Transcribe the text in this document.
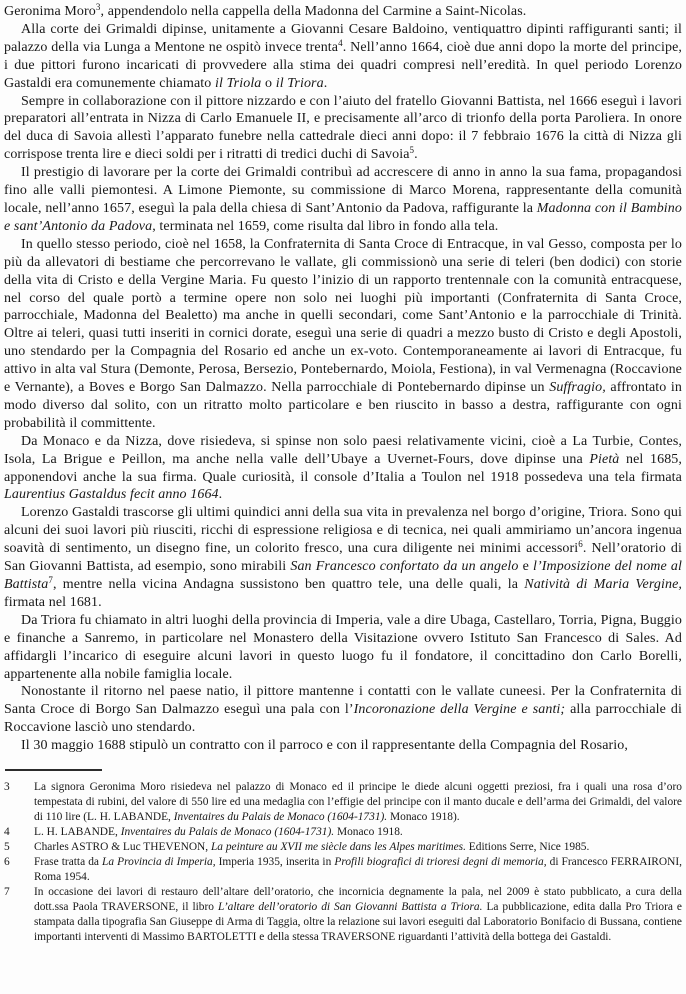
Geronima Moro$^3$, appendendolo nella cappella della Madonna del Carmine a Saint-Nicolas.

Alla corte dei Grimaldi dipinse, unitamente a Giovanni Cesare Baldoino, ventiquattro dipinti raffiguranti santi; il palazzo della via Lunga a Mentone ne ospitò invece trenta$^4$. Nell’anno 1664, cioè due anni dopo la morte del principe, i due pittori furono incaricati di provvedere alla stima dei quadri compresi nell’eredità. In quel periodo Lorenzo Gastaldi era comunemente chiamato il Triola o il Triora.

Sempre in collaborazione con il pittore nizzardo e con l’aiuto del fratello Giovanni Battista, nel 1666 eseguì i lavori preparatori all’entrata in Nizza di Carlo Emanuele II, e precisamente all’arco di trionfo della porta Paroliera. In onore del duca di Savoia allestì l’apparato funebre nella cattedrale dieci anni dopo: il 7 febbraio 1676 la città di Nizza gli corrispose trenta lire e dieci soldi per i ritratti di tredici duchi di Savoia$^5$.

Il prestigio di lavorare per la corte dei Grimaldi contribuì ad accrescere di anno in anno la sua fama, propagandosi fino alle valli piemontesi. A Limone Piemonte, su commissione di Marco Morena, rappresentante della comunità locale, nell’anno 1657, eseguì la pala della chiesa di Sant’Antonio da Padova, raffigurante la Madonna con il Bambino e sant’Antonio da Padova, terminata nel 1659, come risulta dal libro in fondo alla tela.

In quello stesso periodo, cioè nel 1658, la Confraternita di Santa Croce di Entracque, in val Gesso, composta per lo più da allevatori di bestiame che percorrevano le vallate, gli commissionò una serie di teleri (ben dodici) con storie della vita di Cristo e della Vergine Maria. Fu questo l’inizio di un rapporto trentennale con la comunità entracquese, nel corso del quale portò a termine opere non solo nei luoghi più importanti (Confraternita di Santa Croce, parrocchiale, Madonna del Bealetto) ma anche in quelli secondari, come Sant’Antonio e la parrocchiale di Trinità. Oltre ai teleri, quasi tutti inseriti in cornici dorate, eseguì una serie di quadri a mezzo busto di Cristo e degli Apostoli, uno stendardo per la Compagnia del Rosario ed anche un ex-voto. Contemporaneamente ai lavori di Entracque, fu attivo in alta val Stura (Demonte, Perosa, Bersezio, Pontebernardo, Moiola, Festiona), in val Vermenagna (Roccavione e Vernante), a Boves e Borgo San Dalmazzo. Nella parrocchiale di Pontebernardo dipinse un Suffragio, affrontato in modo diverso dal solito, con un ritratto molto particolare e ben riuscito in basso a destra, raffigurante con ogni probabilità il committente.

Da Monaco e da Nizza, dove risiedeva, si spinse non solo paesi relativamente vicini, cioè a La Turbie, Contes, Isola, La Brigue e Peillon, ma anche nella valle dell’Ubaye a Uvernet-Fours, dove dipinse una Pietà nel 1685, apponendovi anche la sua firma. Quale curiosità, il console d’Italia a Toulon nel 1918 possedeva una tela firmata Laurentius Gastaldus fecit anno 1664.

Lorenzo Gastaldi trascorse gli ultimi quindici anni della sua vita in prevalenza nel borgo d’origine, Triora. Sono qui alcuni dei suoi lavori più riusciti, ricchi di espressione religiosa e di tecnica, nei quali ammiriamo un’ancora ingenua soavità di sentimento, un disegno fine, un colorito fresco, una cura diligente nei minimi accessori$^6$. Nell’oratorio di San Giovanni Battista, ad esempio, sono mirabili San Francesco confortato da un angelo e l’Imposizione del nome al Battista$^7$, mentre nella vicina Andagna sussistono ben quattro tele, una delle quali, la Natività di Maria Vergine, firmata nel 1681.

Da Triora fu chiamato in altri luoghi della provincia di Imperia, vale a dire Ubaga, Castellaro, Torria, Pigna, Buggio e finanche a Sanremo, in particolare nel Monastero della Visitazione ovvero Istituto San Francesco di Sales. Ad affidargli l’incarico di eseguire alcuni lavori in questo luogo fu il fondatore, il concittadino don Carlo Borelli, appartenente alla nobile famiglia locale.

Nonostante il ritorno nel paese natio, il pittore mantenne i contatti con le vallate cuneesi. Per la Confraternita di Santa Croce di Borgo San Dalmazzo eseguì una pala con l’Incoronazione della Vergine e santi; alla parrocchiale di Roccavione lasciò uno stendardo.

Il 30 maggio 1688 stipulò un contratto con il parroco e con il rappresentante della Compagnia del Rosario,

3	La signora Geronima Moro risiedeva nel palazzo di Monaco ed il principe le diede alcuni oggetti preziosi, fra i quali una rosa d’oro tempestata di rubini, del valore di 550 lire ed una medaglia con l’effigie del principe con il manto ducale e dell’arma dei Grimaldi, del valore di 110 lire (L. H. LABANDE, Inventaires du Palais de Monaco (1604-1731). Monaco 1918).
4	L. H. LABANDE, Inventaires du Palais de Monaco (1604-1731). Monaco 1918.
5	Charles ASTRO & Luc THEVENON, La peinture au XVII me siècle dans les Alpes maritimes. Editions Serre, Nice 1985.
6	Frase tratta da La Provincia di Imperia, Imperia 1935, inserita in Profili biografici di trioresi degni di memoria, di Francesco FERRAIRONI, Roma 1954.
7	In occasione dei lavori di restauro dell’altare dell’oratorio, che incornicia degnamente la pala, nel 2009 è stato pubblicato, a cura della dott.ssa Paola TRAVERSONE, il libro L’altare dell’oratorio di San Giovanni Battista a Triora. La pubblicazione, edita dalla Pro Triora e stampata dalla tipografia San Giuseppe di Arma di Taggia, oltre la relazione sui lavori eseguiti dal Laboratorio Bonifacio di Bussana, contiene importanti interventi di Massimo BARTOLETTI e della stessa TRAVERSONE riguardanti l’attività della bottega dei Gastaldi.
